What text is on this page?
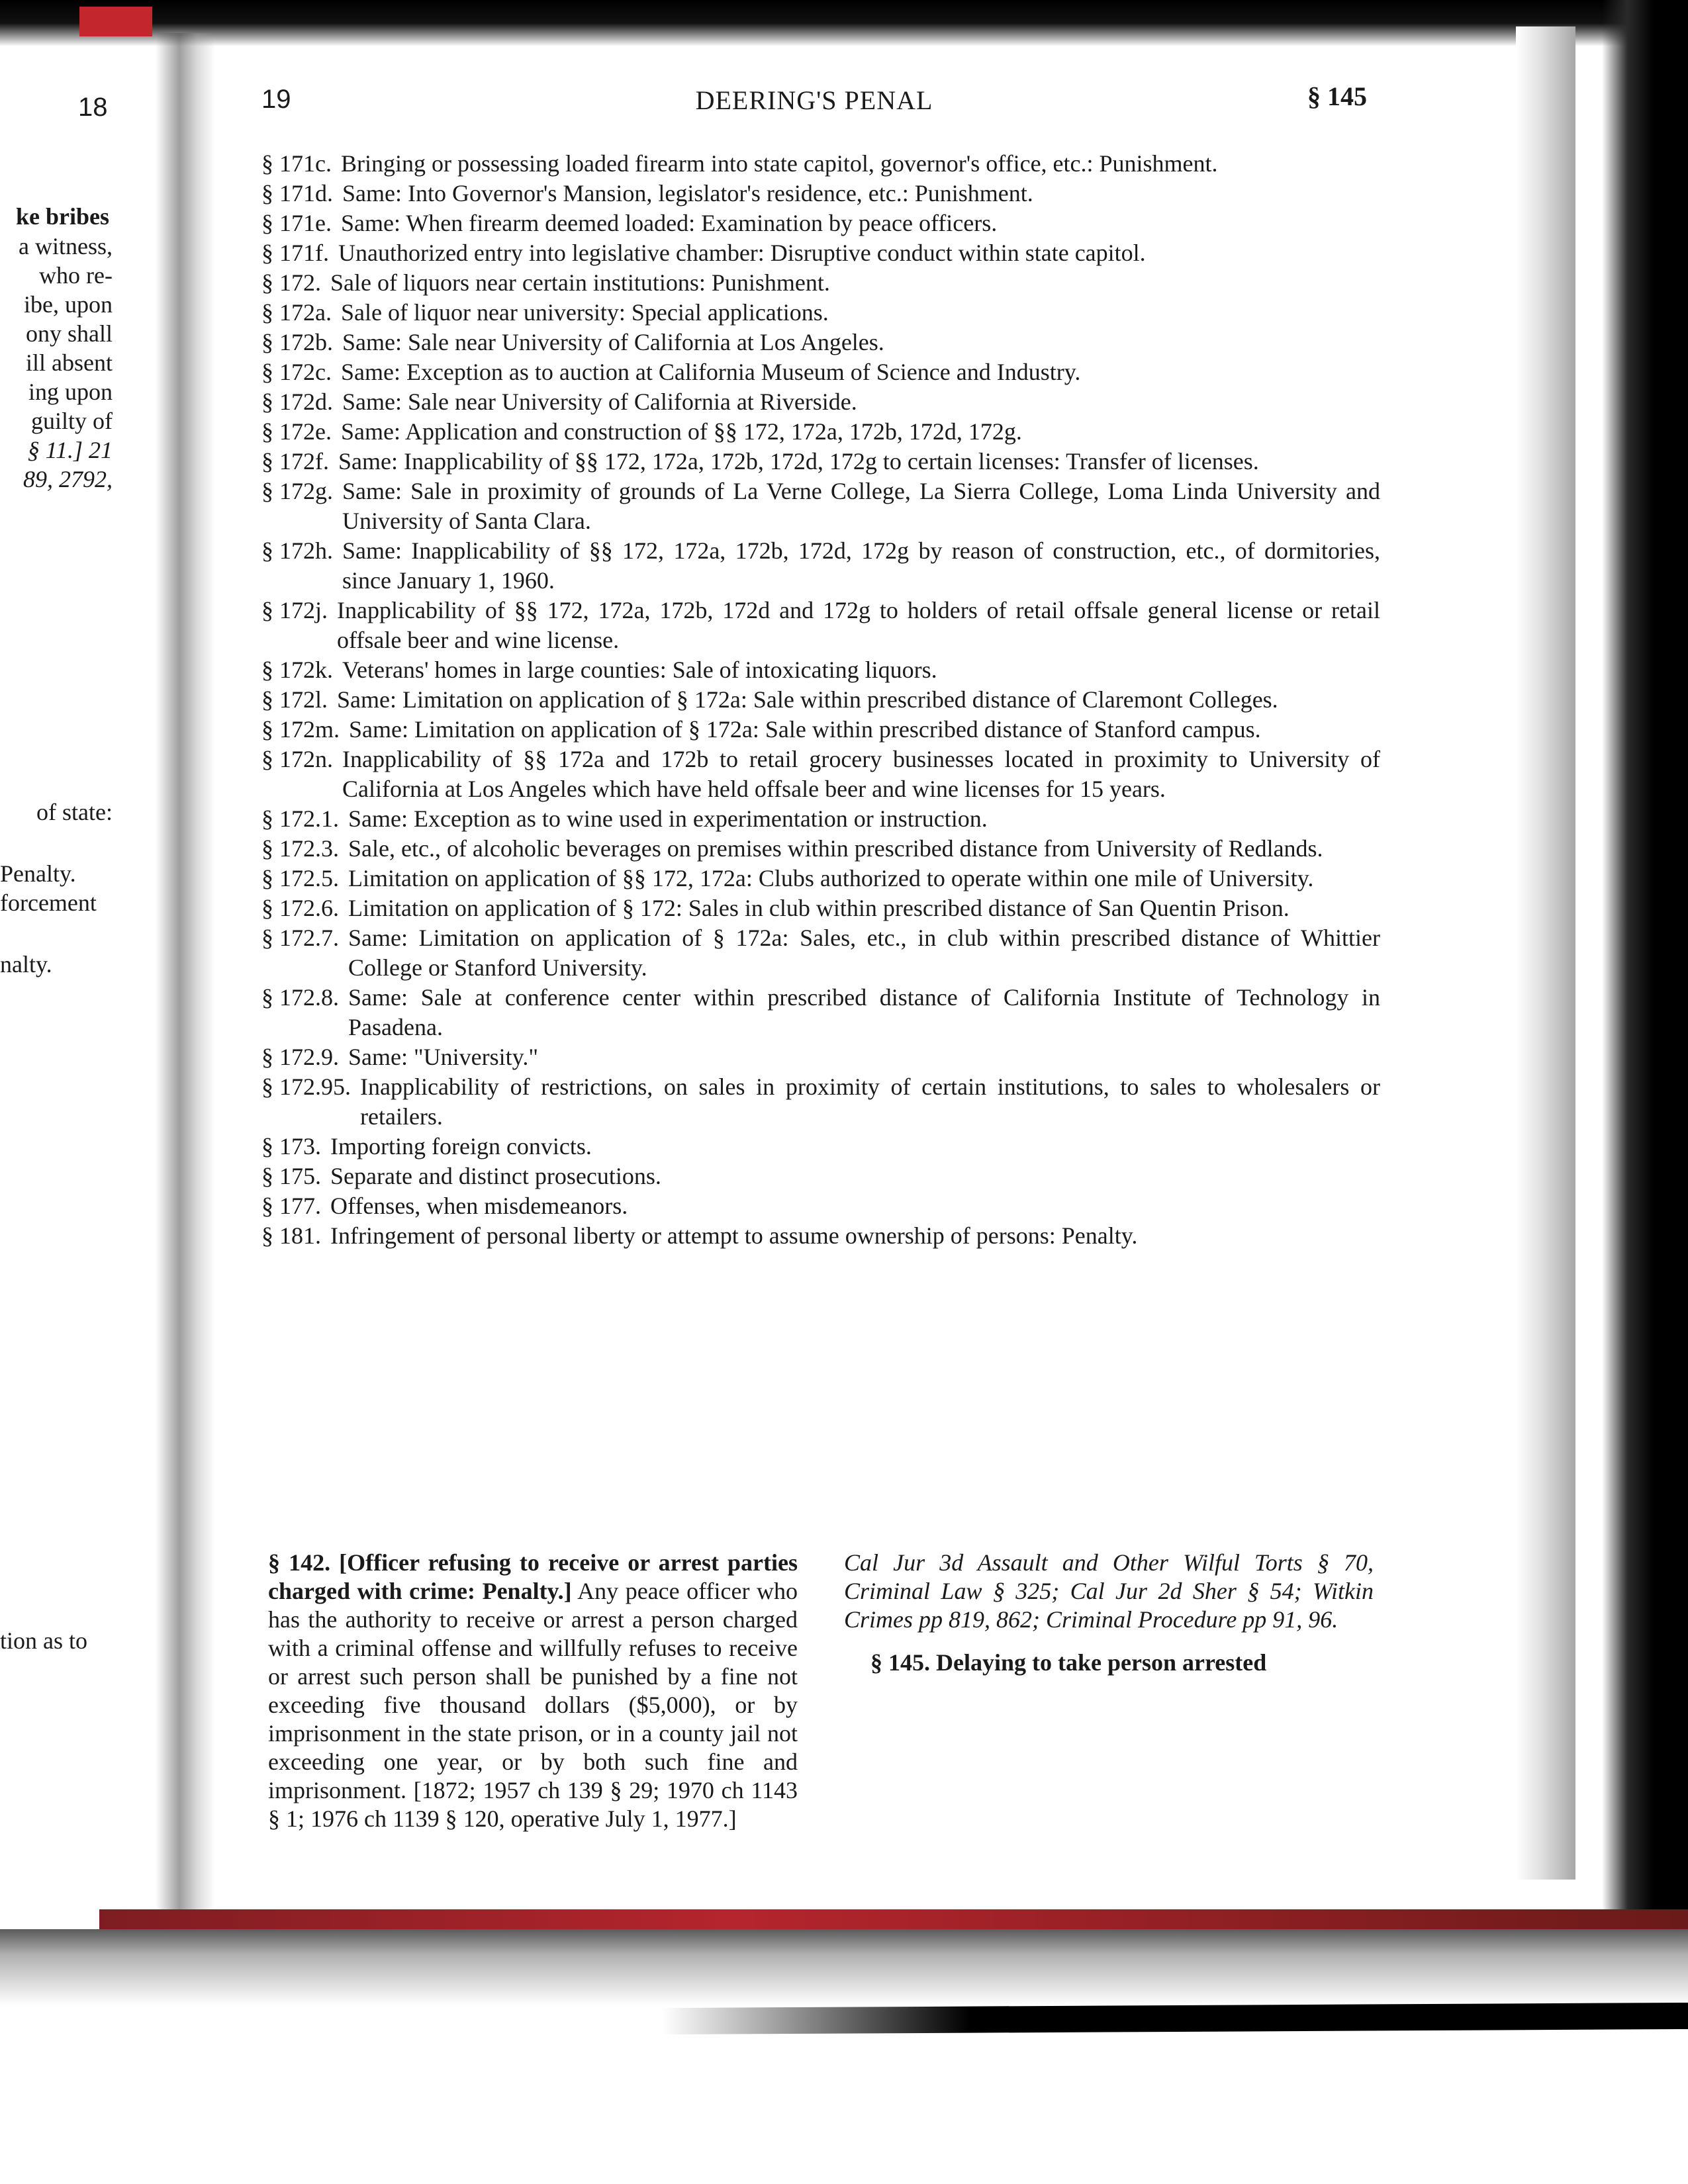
18
ke bribes
a witness,
who re-
ibe, upon
ony shall
ill absent
ing upon
guilty of
§ 11.] 21
89, 2792,
of state:
Penalty.
forcement
nalty.
tion as to
19	DEERING'S PENAL	§ 145
§ 171c. Bringing or possessing loaded firearm into state capitol, governor's office, etc.: Punishment.
§ 171d. Same: Into Governor's Mansion, legislator's residence, etc.: Punishment.
§ 171e. Same: When firearm deemed loaded: Examination by peace officers.
§ 171f. Unauthorized entry into legislative chamber: Disruptive conduct within state capitol.
§ 172. Sale of liquors near certain institutions: Punishment.
§ 172a. Sale of liquor near university: Special applications.
§ 172b. Same: Sale near University of California at Los Angeles.
§ 172c. Same: Exception as to auction at California Museum of Science and Industry.
§ 172d. Same: Sale near University of California at Riverside.
§ 172e. Same: Application and construction of §§ 172, 172a, 172b, 172d, 172g.
§ 172f. Same: Inapplicability of §§ 172, 172a, 172b, 172d, 172g to certain licenses: Transfer of licenses.
§ 172g. Same: Sale in proximity of grounds of La Verne College, La Sierra College, Loma Linda University and University of Santa Clara.
§ 172h. Same: Inapplicability of §§ 172, 172a, 172b, 172d, 172g by reason of construction, etc., of dormitories, since January 1, 1960.
§ 172j. Inapplicability of §§ 172, 172a, 172b, 172d and 172g to holders of retail offsale general license or retail offsale beer and wine license.
§ 172k. Veterans' homes in large counties: Sale of intoxicating liquors.
§ 172l. Same: Limitation on application of § 172a: Sale within prescribed distance of Claremont Colleges.
§ 172m. Same: Limitation on application of § 172a: Sale within prescribed distance of Stanford campus.
§ 172n. Inapplicability of §§ 172a and 172b to retail grocery businesses located in proximity to University of California at Los Angeles which have held offsale beer and wine licenses for 15 years.
§ 172.1. Same: Exception as to wine used in experimentation or instruction.
§ 172.3. Sale, etc., of alcoholic beverages on premises within prescribed distance from University of Redlands.
§ 172.5. Limitation on application of §§ 172, 172a: Clubs authorized to operate within one mile of University.
§ 172.6. Limitation on application of § 172: Sales in club within prescribed distance of San Quentin Prison.
§ 172.7. Same: Limitation on application of § 172a: Sales, etc., in club within prescribed distance of Whittier College or Stanford University.
§ 172.8. Same: Sale at conference center within prescribed distance of California Institute of Technology in Pasadena.
§ 172.9. Same: "University."
§ 172.95. Inapplicability of restrictions, on sales in proximity of certain institutions, to sales to wholesalers or retailers.
§ 173. Importing foreign convicts.
§ 175. Separate and distinct prosecutions.
§ 177. Offenses, when misdemeanors.
§ 181. Infringement of personal liberty or attempt to assume ownership of persons: Penalty.
§ 142. [Officer refusing to receive or arrest parties charged with crime: Penalty.] Any peace officer who has the authority to receive or arrest a person charged with a criminal offense and willfully refuses to receive or arrest such person shall be punished by a fine not exceeding five thousand dollars ($5,000), or by imprisonment in the state prison, or in a county jail not exceeding one year, or by both such fine and imprisonment. [1872; 1957 ch 139 § 29; 1970 ch 1143 § 1; 1976 ch 1139 § 120, operative July 1, 1977.]
Cal Jur 3d Assault and Other Wilful Torts § 70, Criminal Law § 325; Cal Jur 2d Sher § 54; Witkin Crimes pp 819, 862; Criminal Procedure pp 91, 96.
§ 145. Delaying to take person arrested
